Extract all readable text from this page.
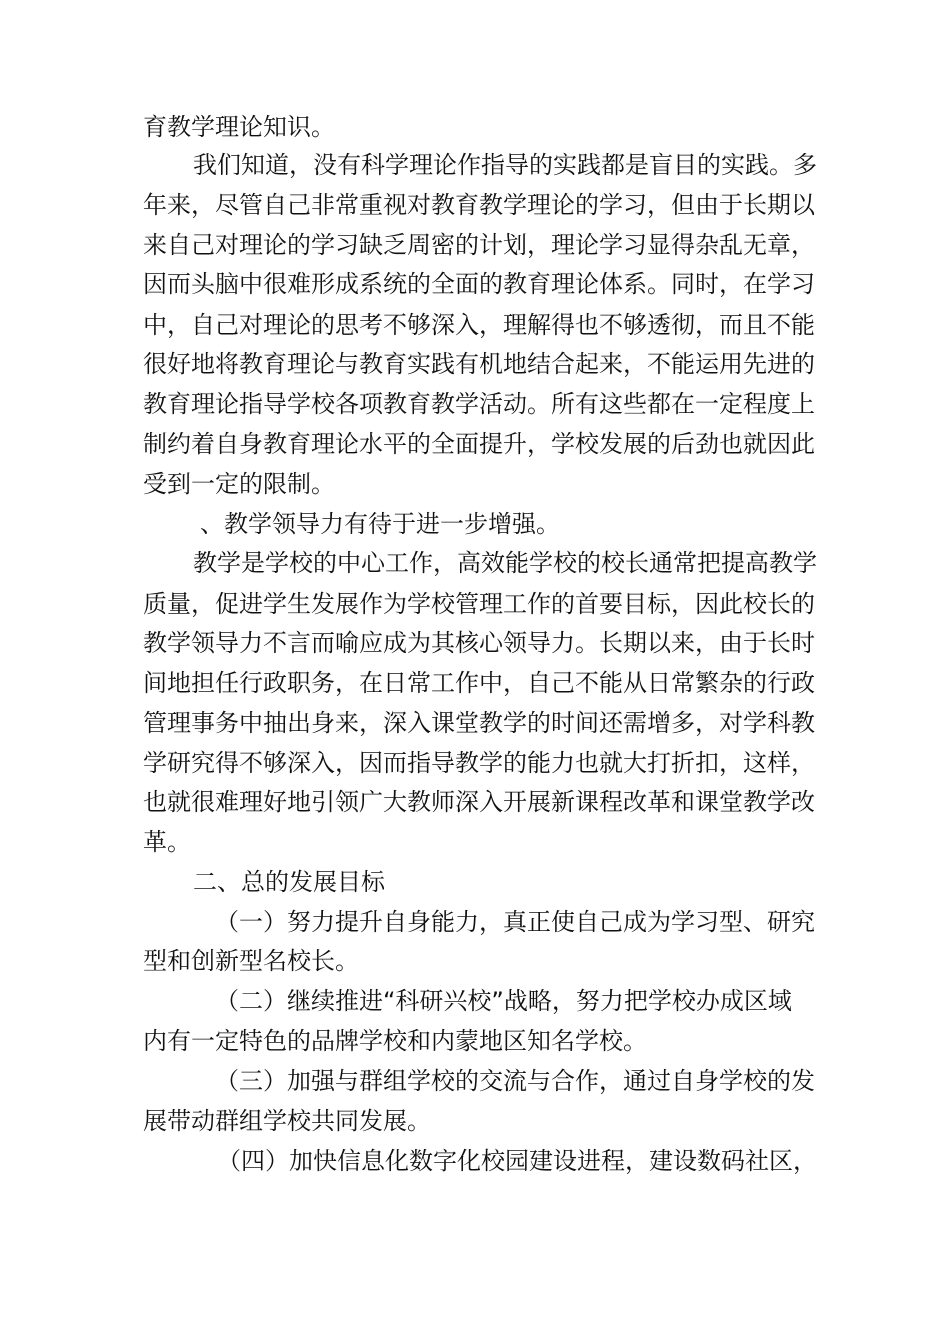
育教学理论知识。
我们知道，没有科学理论作指导的实践都是盲目的实践。多
年来，尽管自己非常重视对教育教学理论的学习，但由于长期以
来自己对理论的学习缺乏周密的计划，理论学习显得杂乱无章，
因而头脑中很难形成系统的全面的教育理论体系。同时，在学习
中，自己对理论的思考不够深入，理解得也不够透彻，而且不能
很好地将教育理论与教育实践有机地结合起来，不能运用先进的
教育理论指导学校各项教育教学活动。所有这些都在一定程度上
制约着自身教育理论水平的全面提升，学校发展的后劲也就因此
受到一定的限制。
、教学领导力有待于进一步增强。
教学是学校的中心工作，高效能学校的校长通常把提高教学
质量，促进学生发展作为学校管理工作的首要目标，因此校长的
教学领导力不言而喻应成为其核心领导力。长期以来，由于长时
间地担任行政职务，在日常工作中，自己不能从日常繁杂的行政
管理事务中抽出身来，深入课堂教学的时间还需增多，对学科教
学研究得不够深入，因而指导教学的能力也就大打折扣，这样，
也就很难理好地引领广大教师深入开展新课程改革和课堂教学改
革。
二、总的发展目标
（一）努力提升自身能力，真正使自己成为学习型、研究
型和创新型名校长。
（二）继续推进“科研兴校”战略，努力把学校办成区域
内有一定特色的品牌学校和内蒙地区知名学校。
（三）加强与群组学校的交流与合作，通过自身学校的发
展带动群组学校共同发展。
（四）加快信息化数字化校园建设进程，建设数码社区，
